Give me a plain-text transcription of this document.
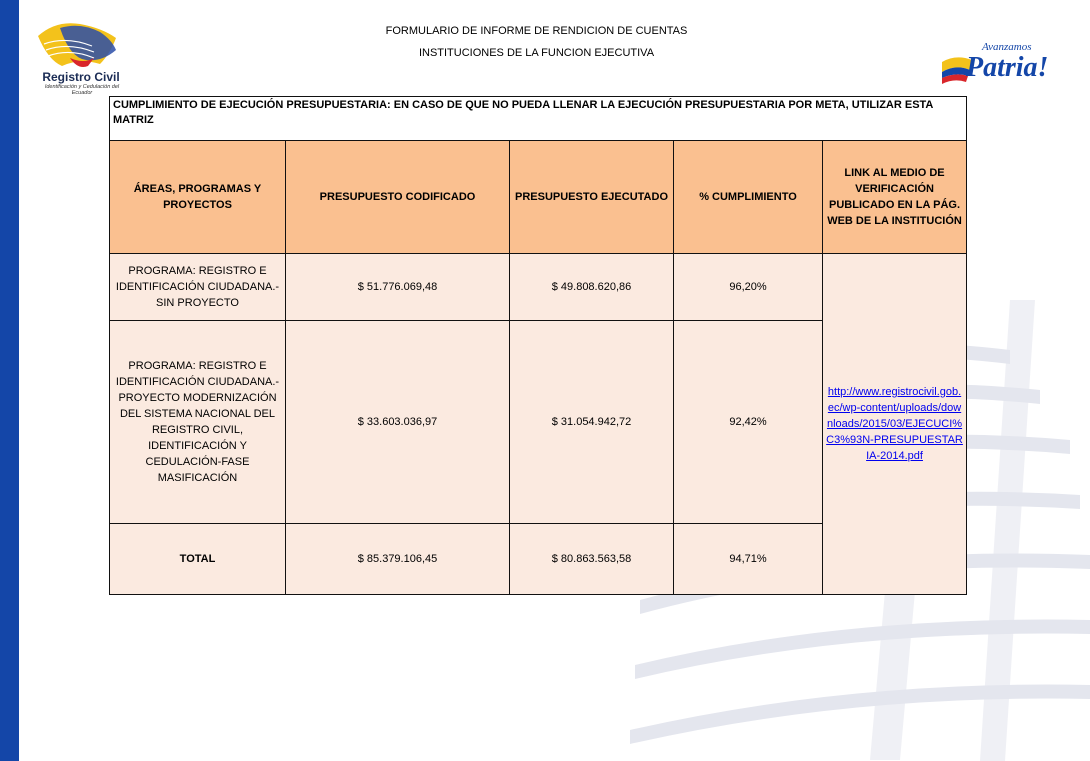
Registro Civil
Identificación y Cedulación del Ecuador
Avanzamos
Patria!
FORMULARIO DE INFORME DE RENDICION DE CUENTAS
INSTITUCIONES DE LA FUNCION EJECUTIVA
CUMPLIMIENTO DE EJECUCIÓN PRESUPUESTARIA: EN CASO DE QUE NO PUEDA LLENAR LA EJECUCIÓN PRESUPUESTARIA POR META, UTILIZAR ESTA MATRIZ				
ÁREAS, PROGRAMAS Y PROYECTOS	PRESUPUESTO CODIFICADO	PRESUPUESTO EJECUTADO	% CUMPLIMIENTO	LINK AL MEDIO DE VERIFICACIÓN PUBLICADO EN LA PÁG. WEB DE LA INSTITUCIÓN
PROGRAMA: REGISTRO E IDENTIFICACIÓN CIUDADANA.- SIN PROYECTO	$ 51.776.069,48	$ 49.808.620,86	96,20%	http://www.registrocivil.gob.ec/wp-content/uploads/downloads/2015/03/EJECUCI%C3%93N-PRESUPUESTARIA-2014.pdf
PROGRAMA: REGISTRO E IDENTIFICACIÓN CIUDADANA.- PROYECTO MODERNIZACIÓN DEL SISTEMA NACIONAL DEL REGISTRO CIVIL, IDENTIFICACIÓN Y CEDULACIÓN-FASE MASIFICACIÓN	$ 33.603.036,97	$ 31.054.942,72	92,42%	
TOTAL	$ 85.379.106,45	$ 80.863.563,58	94,71%	
